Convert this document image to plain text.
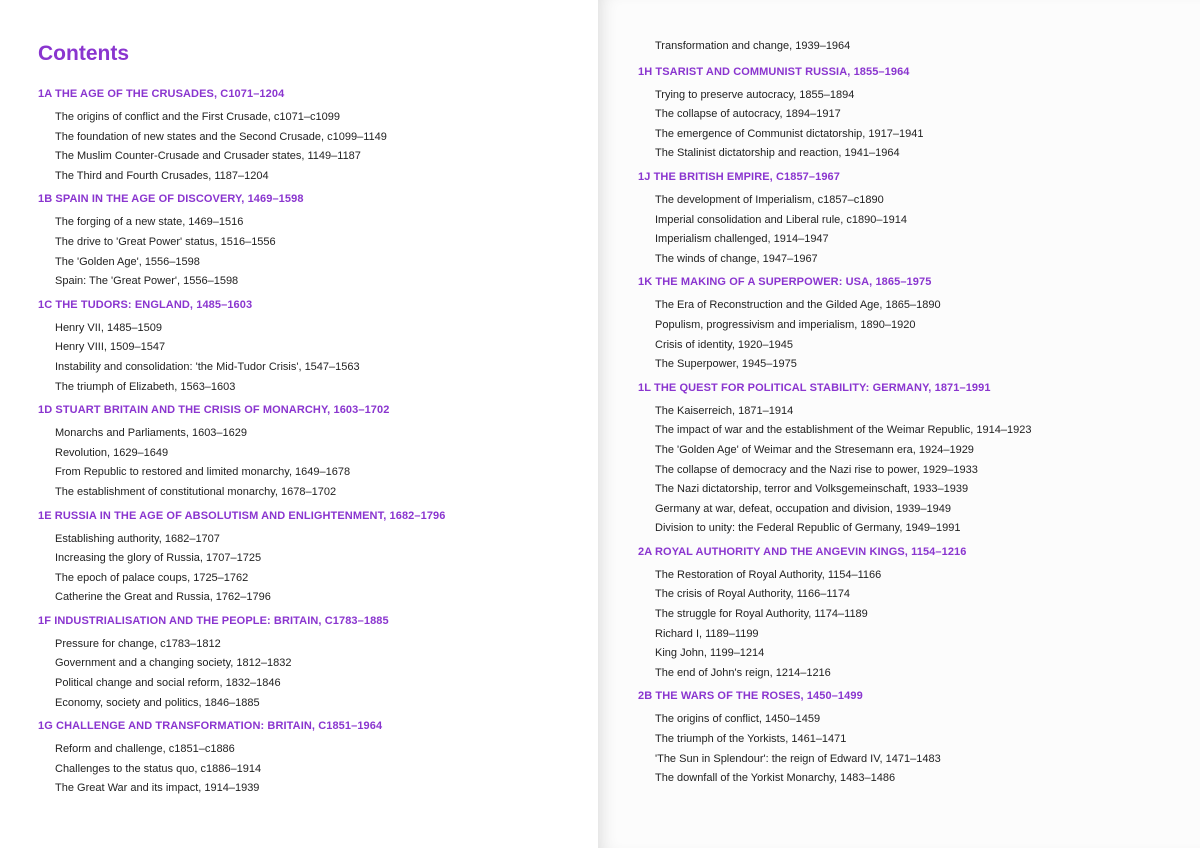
Contents
1A THE AGE OF THE CRUSADES, C1071–1204
The origins of conflict and the First Crusade, c1071–c1099
The foundation of new states and the Second Crusade, c1099–1149
The Muslim Counter-Crusade and Crusader states, 1149–1187
The Third and Fourth Crusades, 1187–1204
1B SPAIN IN THE AGE OF DISCOVERY, 1469–1598
The forging of a new state, 1469–1516
The drive to 'Great Power' status, 1516–1556
The 'Golden Age', 1556–1598
Spain: The 'Great Power', 1556–1598
1C THE TUDORS: ENGLAND, 1485–1603
Henry VII, 1485–1509
Henry VIII, 1509–1547
Instability and consolidation: 'the Mid-Tudor Crisis', 1547–1563
The triumph of Elizabeth, 1563–1603
1D STUART BRITAIN AND THE CRISIS OF MONARCHY, 1603–1702
Monarchs and Parliaments, 1603–1629
Revolution, 1629–1649
From Republic to restored and limited monarchy, 1649–1678
The establishment of constitutional monarchy, 1678–1702
1E RUSSIA IN THE AGE OF ABSOLUTISM AND ENLIGHTENMENT, 1682–1796
Establishing authority, 1682–1707
Increasing the glory of Russia, 1707–1725
The epoch of palace coups, 1725–1762
Catherine the Great and Russia, 1762–1796
1F INDUSTRIALISATION AND THE PEOPLE: BRITAIN, C1783–1885
Pressure for change, c1783–1812
Government and a changing society, 1812–1832
Political change and social reform, 1832–1846
Economy, society and politics, 1846–1885
1G CHALLENGE AND TRANSFORMATION: BRITAIN, C1851–1964
Reform and challenge, c1851–c1886
Challenges to the status quo, c1886–1914
The Great War and its impact, 1914–1939
Transformation and change, 1939–1964
1H TSARIST AND COMMUNIST RUSSIA, 1855–1964
Trying to preserve autocracy, 1855–1894
The collapse of autocracy, 1894–1917
The emergence of Communist dictatorship, 1917–1941
The Stalinist dictatorship and reaction, 1941–1964
1J THE BRITISH EMPIRE, C1857–1967
The development of Imperialism, c1857–c1890
Imperial consolidation and Liberal rule, c1890–1914
Imperialism challenged, 1914–1947
The winds of change, 1947–1967
1K THE MAKING OF A SUPERPOWER: USA, 1865–1975
The Era of Reconstruction and the Gilded Age, 1865–1890
Populism, progressivism and imperialism, 1890–1920
Crisis of identity, 1920–1945
The Superpower, 1945–1975
1L THE QUEST FOR POLITICAL STABILITY: GERMANY, 1871–1991
The Kaiserreich, 1871–1914
The impact of war and the establishment of the Weimar Republic, 1914–1923
The 'Golden Age' of Weimar and the Stresemann era, 1924–1929
The collapse of democracy and the Nazi rise to power, 1929–1933
The Nazi dictatorship, terror and Volksgemeinschaft, 1933–1939
Germany at war, defeat, occupation and division, 1939–1949
Division to unity: the Federal Republic of Germany, 1949–1991
2A ROYAL AUTHORITY AND THE ANGEVIN KINGS, 1154–1216
The Restoration of Royal Authority, 1154–1166
The crisis of Royal Authority, 1166–1174
The struggle for Royal Authority, 1174–1189
Richard I, 1189–1199
King John, 1199–1214
The end of John's reign, 1214–1216
2B THE WARS OF THE ROSES, 1450–1499
The origins of conflict, 1450–1459
The triumph of the Yorkists, 1461–1471
'The Sun in Splendour': the reign of Edward IV, 1471–1483
The downfall of the Yorkist Monarchy, 1483–1486
